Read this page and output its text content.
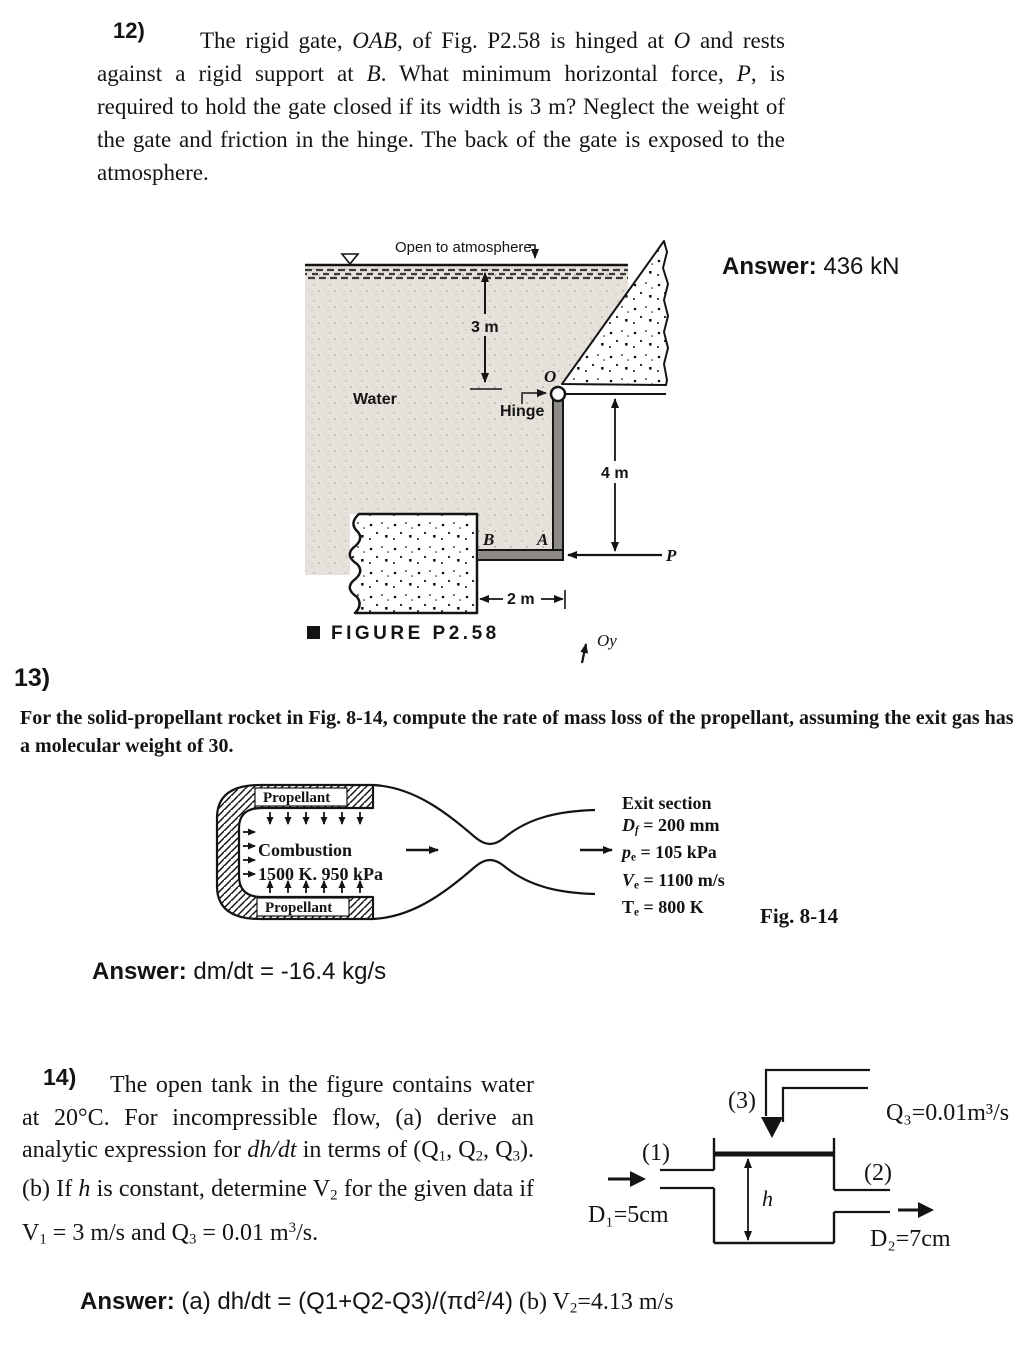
12)	The rigid gate, OAB, of Fig. P2.58 is hinged at O and rests against a rigid support at B. What minimum horizontal force, P, is required to hold the gate closed if its width is 3 m? Neglect the weight of the gate and friction in the hinge. The back of the gate is exposed to the atmosphere.
Open to atmosphere
3 m
Water
Hinge
O
B	A
4 m
P
2 m
FIGURE P2.58	Oy
Answer: 436 kN
13)
For the solid-propellant rocket in Fig. 8-14, compute the rate of mass loss of the propellant, assuming the exit gas has a molecular weight of 30.
Propellant
Propellant
Combustion
1500 K. 950 kPa
Exit section
Df = 200 mm
pe = 105 kPa
Ve = 1100 m/s
Te = 800 K	Fig. 8-14
Answer: dm/dt = -16.4 kg/s
14)	The open tank in the figure contains water at 20°C. For incompressible flow, (a) derive an analytic expression for dh/dt in terms of (Q1, Q2, Q3). (b) If h is constant, determine V2 for the given data if V1 = 3 m/s and Q3 = 0.01 $m^3/s$.
(3)	Q₃=0.01m³/s
h
(1)
D₁=5cm
(2)
D₂=7cm
Answer: (a) $dh/dt = (Q1+Q2-Q3)/(\pi d^2/4)$ (b) V2=4.13 m/s
